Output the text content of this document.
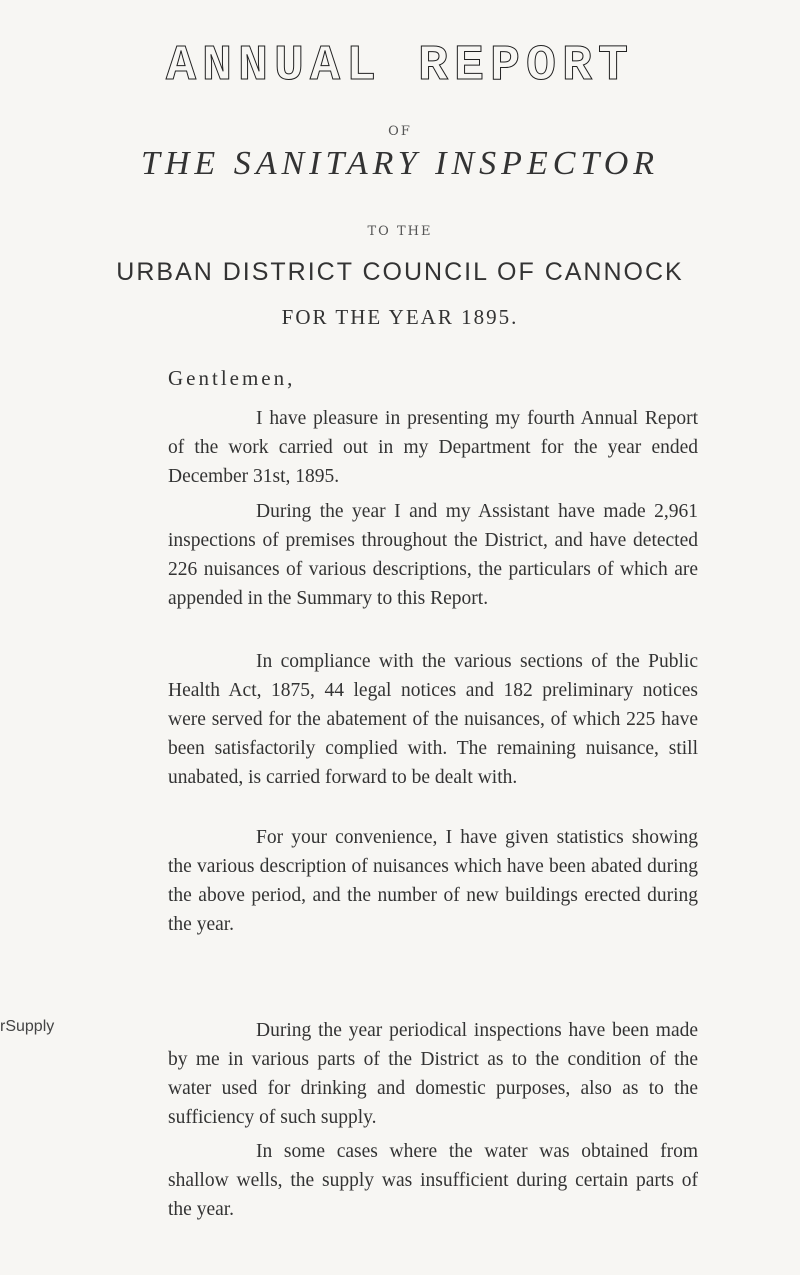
ANNUAL REPORT
OF
THE SANITARY INSPECTOR
TO THE
URBAN DISTRICT COUNCIL OF CANNOCK
FOR THE YEAR 1895.
Gentlemen,

I have pleasure in presenting my fourth Annual Report of the work carried out in my Department for the year ended December 31st, 1895.

During the year I and my Assistant have made 2,961 inspections of premises throughout the District, and have detected 226 nuisances of various descriptions, the particulars of which are appended in the Summary to this Report.

In compliance with the various sections of the Public Health Act, 1875, 44 legal notices and 182 preliminary notices were served for the abatement of the nuisances, of which 225 have been satisfactorily complied with. The remaining nuisance, still unabated, is carried forward to be dealt with.

For your convenience, I have given statistics showing the various description of nuisances which have been abated during the above period, and the number of new buildings erected during the year.

rSupply	During the year periodical inspections have been made by me in various parts of the District as to the condition of the water used for drinking and domestic purposes, also as to the sufficiency of such supply.

In some cases where the water was obtained from shallow wells, the supply was insufficient during certain parts of the year.
